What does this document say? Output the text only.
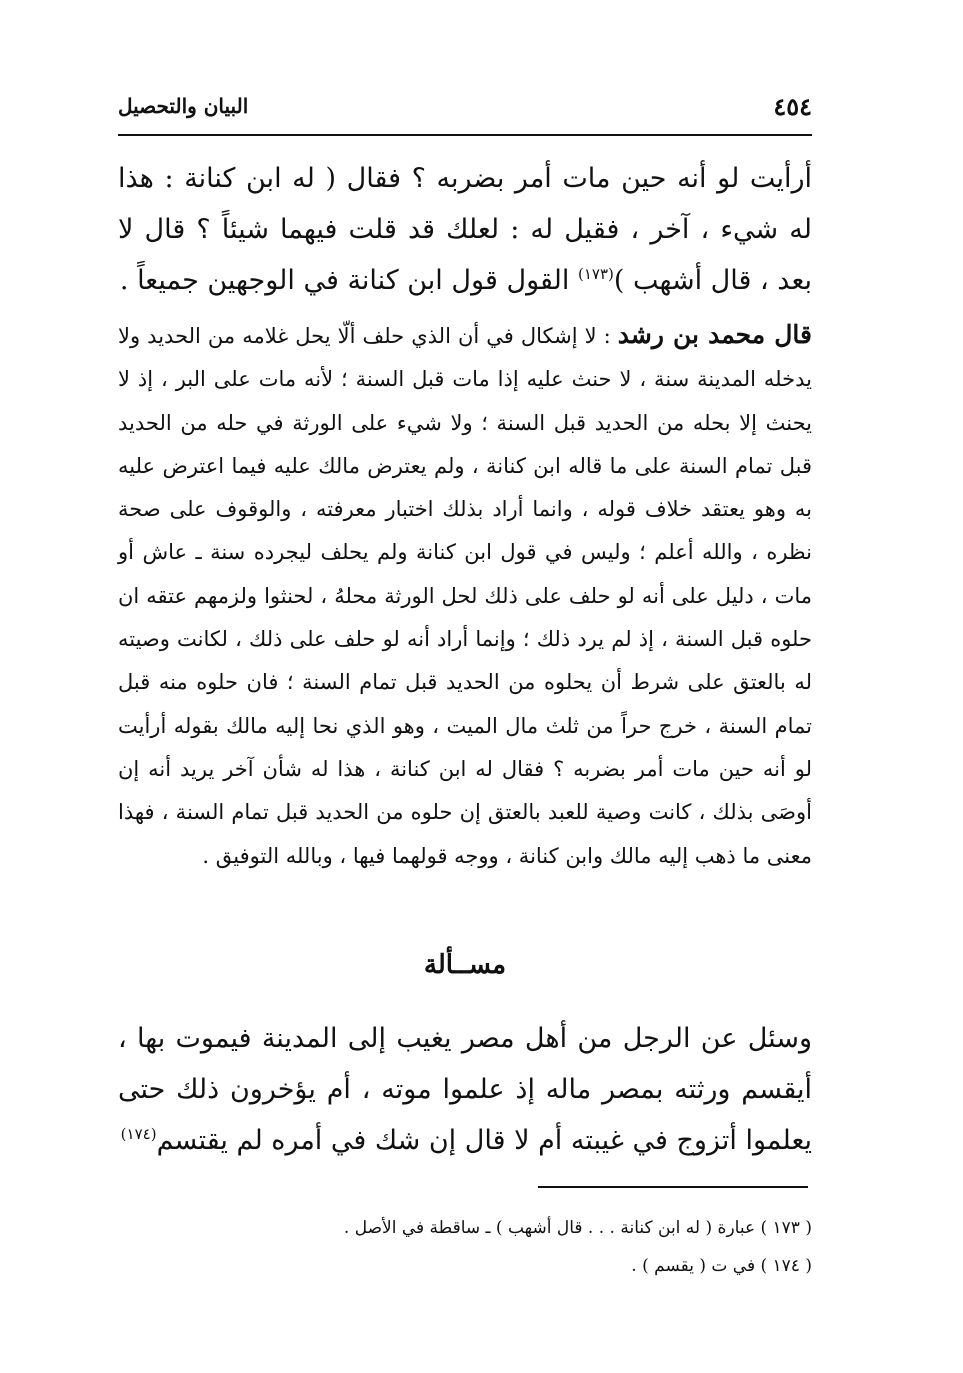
٤٥٤
البيان والتحصيل

أرأيت لو أنه حين مات أمر بضربه ؟ فقال ( له ابن كنانة : هذا له شيء ، آخر ، فقيل له : لعلك قد قلت فيهما شيئاً ؟ قال لا بعد ، قال أشهب )$^{(١٧٣)}$ القول قول ابن كنانة في الوجهين جميعاً .

قال محمد بن رشد : لا إشكال في أن الذي حلف ألّا يحل غلامه من الحديد ولا يدخله المدينة سنة ، لا حنث عليه إذا مات قبل السنة ؛ لأنه مات على البر ، إذ لا يحنث إلا بحله من الحديد قبل السنة ؛ ولا شيء على الورثة في حله من الحديد قبل تمام السنة على ما قاله ابن كنانة ، ولم يعترض مالك عليه فيما اعترض عليه به وهو يعتقد خلاف قوله ، وانما أراد بذلك اختبار معرفته ، والوقوف على صحة نظره ، والله أعلم ؛ وليس في قول ابن كنانة ولم يحلف ليجرده سنة ـ عاش أو مات ، دليل على أنه لو حلف على ذلك لحل الورثة محلهُ ، لحنثوا ولزمهم عتقه ان حلوه قبل السنة ، إذ لم يرد ذلك ؛ وإنما أراد أنه لو حلف على ذلك ، لكانت وصيته له بالعتق على شرط أن يحلوه من الحديد قبل تمام السنة ؛ فان حلوه منه قبل تمام السنة ، خرج حراً من ثلث مال الميت ، وهو الذي نحا إليه مالك بقوله أرأيت لو أنه حين مات أمر بضربه ؟ فقال له ابن كنانة ، هذا له شأن آخر يريد أنه إن أوصَى بذلك ، كانت وصية للعبد بالعتق إن حلوه من الحديد قبل تمام السنة ، فهذا معنى ما ذهب إليه مالك وابن كنانة ، ووجه قولهما فيها ، وبالله التوفيق .

مســألة

وسئل عن الرجل من أهل مصر يغيب إلى المدينة فيموت بها ، أيقسم ورثته بمصر ماله إذ علموا موته ، أم يؤخرون ذلك حتى يعلموا أتزوج في غيبته أم لا قال إن شك في أمره لم يقتسم$^{(١٧٤)}$

( ١٧٣ ) عبارة ( له ابن كنانة . . . قال أشهب ) ـ ساقطة في الأصل .
( ١٧٤ ) في ت ( يقسم ) .
